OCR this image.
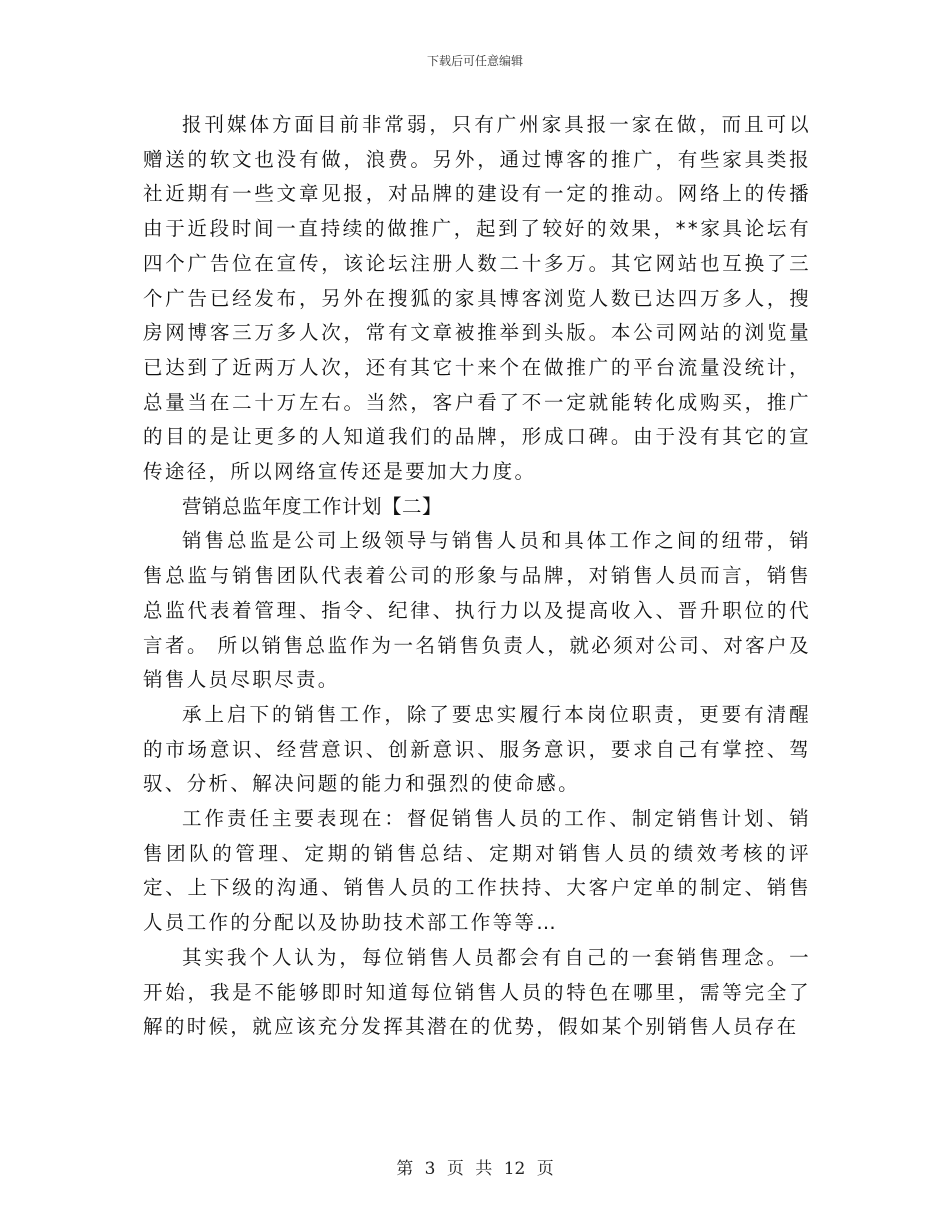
下载后可任意编辑

报刊媒体方面目前非常弱，只有广州家具报一家在做，而且可以赠送的软文也没有做，浪费。另外，通过博客的推广，有些家具类报社近期有一些文章见报，对品牌的建设有一定的推动。网络上的传播由于近段时间一直持续的做推广，起到了较好的效果，**家具论坛有四个广告位在宣传，该论坛注册人数二十多万。其它网站也互换了三个广告已经发布，另外在搜狐的家具博客浏览人数已达四万多人，搜房网博客三万多人次，常有文章被推举到头版。本公司网站的浏览量已达到了近两万人次，还有其它十来个在做推广的平台流量没统计，总量当在二十万左右。当然，客户看了不一定就能转化成购买，推广的目的是让更多的人知道我们的品牌，形成口碑。由于没有其它的宣传途径，所以网络宣传还是要加大力度。

营销总监年度工作计划【二】

销售总监是公司上级领导与销售人员和具体工作之间的纽带，销售总监与销售团队代表着公司的形象与品牌，对销售人员而言，销售总监代表着管理、指令、纪律、执行力以及提高收入、晋升职位的代言者。 所以销售总监作为一名销售负责人，就必须对公司、对客户及销售人员尽职尽责。

承上启下的销售工作，除了要忠实履行本岗位职责，更要有清醒的市场意识、经营意识、创新意识、服务意识，要求自己有掌控、驾驭、分析、解决问题的能力和强烈的使命感。

工作责任主要表现在：督促销售人员的工作、制定销售计划、销售团队的管理、定期的销售总结、定期对销售人员的绩效考核的评定、上下级的沟通、销售人员的工作扶持、大客户定单的制定、销售人员工作的分配以及协助技术部工作等等…

其实我个人认为，每位销售人员都会有自己的一套销售理念。一开始，我是不能够即时知道每位销售人员的特色在哪里，需等完全了解的时候，就应该充分发挥其潜在的优势，假如某个别销售人员存在

第 3 页 共 12 页
